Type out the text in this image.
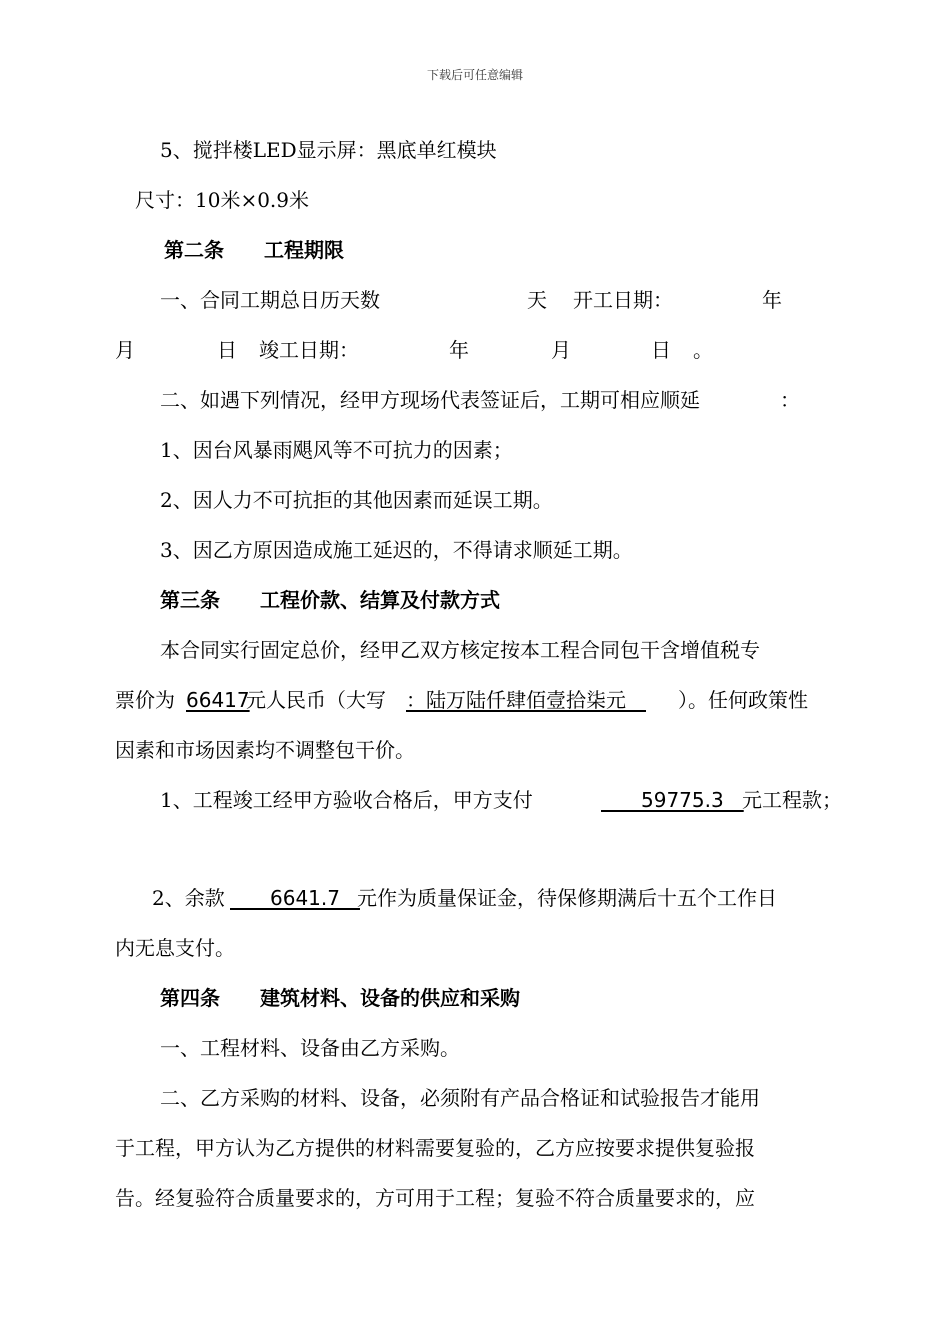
下载后可任意编辑
5、搅拌楼LED显示屏：黑底单红模块
尺寸：10米×0.9米
第二条　　工程期限
一、合同工期总日历天数	天 开工日期：	年
月	日 竣工日期：	年	月	日 。
二、如遇下列情况，经甲方现场代表签证后，工期可相应顺延	：
1、因台风暴雨飓风等不可抗力的因素；
2、因人力不可抗拒的其他因素而延误工期。
3、因乙方原因造成施工延迟的，不得请求顺延工期。
第三条　　工程价款、结算及付款方式
本合同实行固定总价，经甲乙双方核定按本工程合同包干含增值税专
票价为 66417
元人民币（大写 ：陆万陆仟肆佰壹拾柒元　 ）。任何政策性
因素和市场因素均不调整包干价。
1、工程竣工经甲方验收合格后，甲方支付	　　59775.3　
元工程款；
2、余款 　　6641.7　
元作为质量保证金，待保修期满后十五个工作日
内无息支付。
第四条　　建筑材料、设备的供应和采购
一、工程材料、设备由乙方采购。
二、乙方采购的材料、设备，必须附有产品合格证和试验报告才能用
于工程，甲方认为乙方提供的材料需要复验的，乙方应按要求提供复验报
告。经复验符合质量要求的，方可用于工程；复验不符合质量要求的，应
